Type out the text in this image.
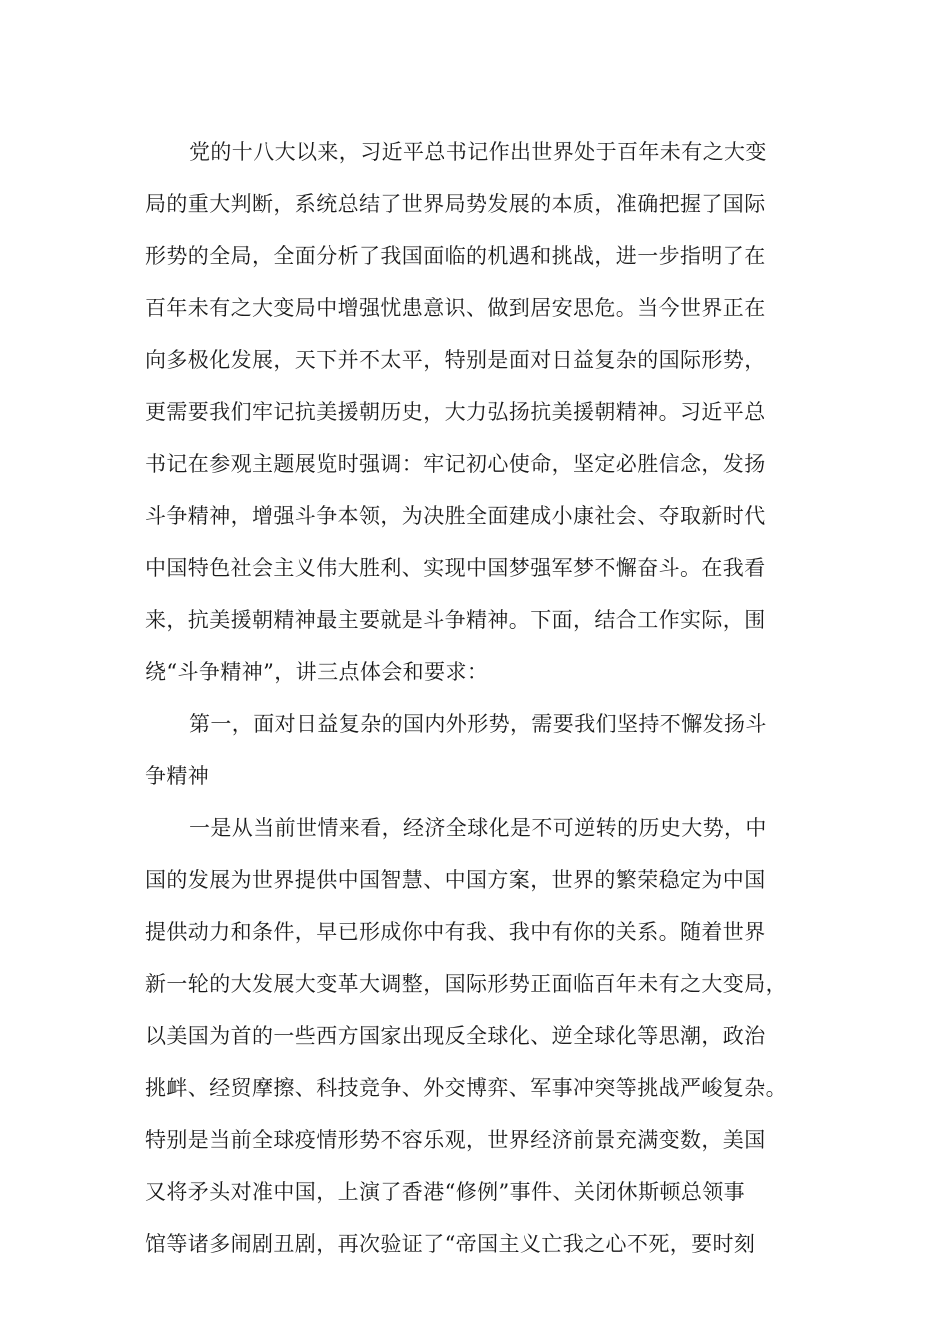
党的十八大以来，习近平总书记作出世界处于百年未有之大变
局的重大判断，系统总结了世界局势发展的本质，准确把握了国际
形势的全局，全面分析了我国面临的机遇和挑战，进一步指明了在
百年未有之大变局中增强忧患意识、做到居安思危。当今世界正在
向多极化发展，天下并不太平，特别是面对日益复杂的国际形势，
更需要我们牢记抗美援朝历史，大力弘扬抗美援朝精神。习近平总
书记在参观主题展览时强调：牢记初心使命，坚定必胜信念，发扬
斗争精神，增强斗争本领，为决胜全面建成小康社会、夺取新时代
中国特色社会主义伟大胜利、实现中国梦强军梦不懈奋斗。在我看
来，抗美援朝精神最主要就是斗争精神。下面，结合工作实际，围
绕“斗争精神”，讲三点体会和要求：
第一，面对日益复杂的国内外形势，需要我们坚持不懈发扬斗
争精神
一是从当前世情来看，经济全球化是不可逆转的历史大势，中
国的发展为世界提供中国智慧、中国方案，世界的繁荣稳定为中国
提供动力和条件，早已形成你中有我、我中有你的关系。随着世界
新一轮的大发展大变革大调整，国际形势正面临百年未有之大变局，
以美国为首的一些西方国家出现反全球化、逆全球化等思潮，政治
挑衅、经贸摩擦、科技竞争、外交博弈、军事冲突等挑战严峻复杂。
特别是当前全球疫情形势不容乐观，世界经济前景充满变数，美国
又将矛头对准中国，上演了香港“修例”事件、关闭休斯顿总领事
馆等诸多闹剧丑剧，再次验证了“帝国主义亡我之心不死，要时刻
